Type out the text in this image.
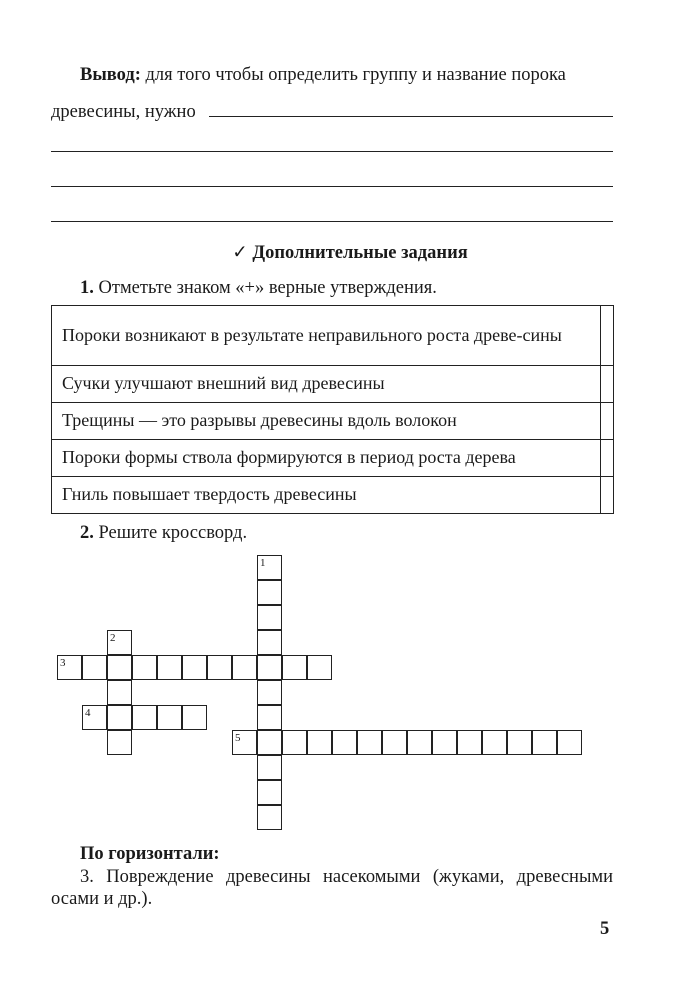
Вывод: для того чтобы определить группу и название порока
древесины, нужно
✓ Дополнительные задания
1. Отметьте знаком «+» верные утверждения.
Пороки возникают в результате неправильного роста древе-сины	
Сучки улучшают внешний вид древесины	
Трещины — это разрывы древесины вдоль волокон	
Пороки формы ствола формируются в период роста дерева	
Гниль повышает твердость древесины	
2. Решите кроссворд.
1
2
3
4
5
По горизонтали:
3. Повреждение древесины насекомыми (жуками, древесными осами и др.).
5
